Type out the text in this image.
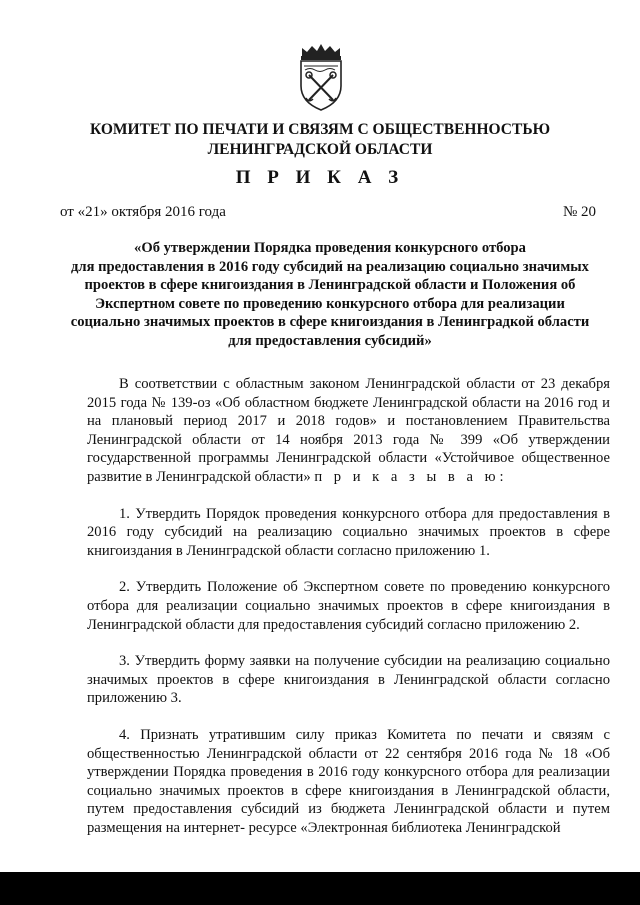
КОМИТЕТ ПО ПЕЧАТИ И СВЯЗЯМ С ОБЩЕСТВЕННОСТЬЮ
ЛЕНИНГРАДСКОЙ ОБЛАСТИ
П Р И К А З
от «21» октября 2016 года	№ 20
«Об утверждении Порядка проведения конкурсного отбора
для предоставления в 2016 году субсидий на реализацию социально значимых
проектов в сфере книгоиздания в Ленинградской области и Положения об
Экспертном совете по проведению конкурсного отбора для реализации
социально значимых проектов в сфере книгоиздания в Ленинградкой области
для предоставления субсидий»

В соответствии с областным законом Ленинградской области от 23 декабря 2015 года № 139-оз «Об областном бюджете Ленинградской области на 2016 год и на плановый период 2017 и 2018 годов» и постановлением Правительства Ленинградской области от 14 ноября 2013 года № 399 «Об утверждении государственной программы Ленинградской области «Устойчивое общественное развитие в Ленинградской области» п р и к а з ы в а ю:

1. Утвердить Порядок проведения конкурсного отбора для предоставления в 2016 году субсидий на реализацию социально значимых проектов в сфере книгоиздания в Ленинградской области согласно приложению 1.

2. Утвердить Положение об Экспертном совете по проведению конкурсного отбора для реализации социально значимых проектов в сфере книгоиздания в Ленинградской области для предоставления субсидий согласно приложению 2.

3. Утвердить форму заявки на получение субсидии на реализацию социально значимых проектов в сфере книгоиздания в Ленинградской области согласно приложению 3.

4. Признать утратившим силу приказ Комитета по печати и связям с общественностью Ленинградской области от 22 сентября 2016 года № 18 «Об утверждении Порядка проведения в 2016 году конкурсного отбора для реализации социально значимых проектов в сфере книгоиздания в Ленинградской области, путем предоставления субсидий из бюджета Ленинградской области и путем размещения на интернет- ресурсе «Электронная библиотека Ленинградской
